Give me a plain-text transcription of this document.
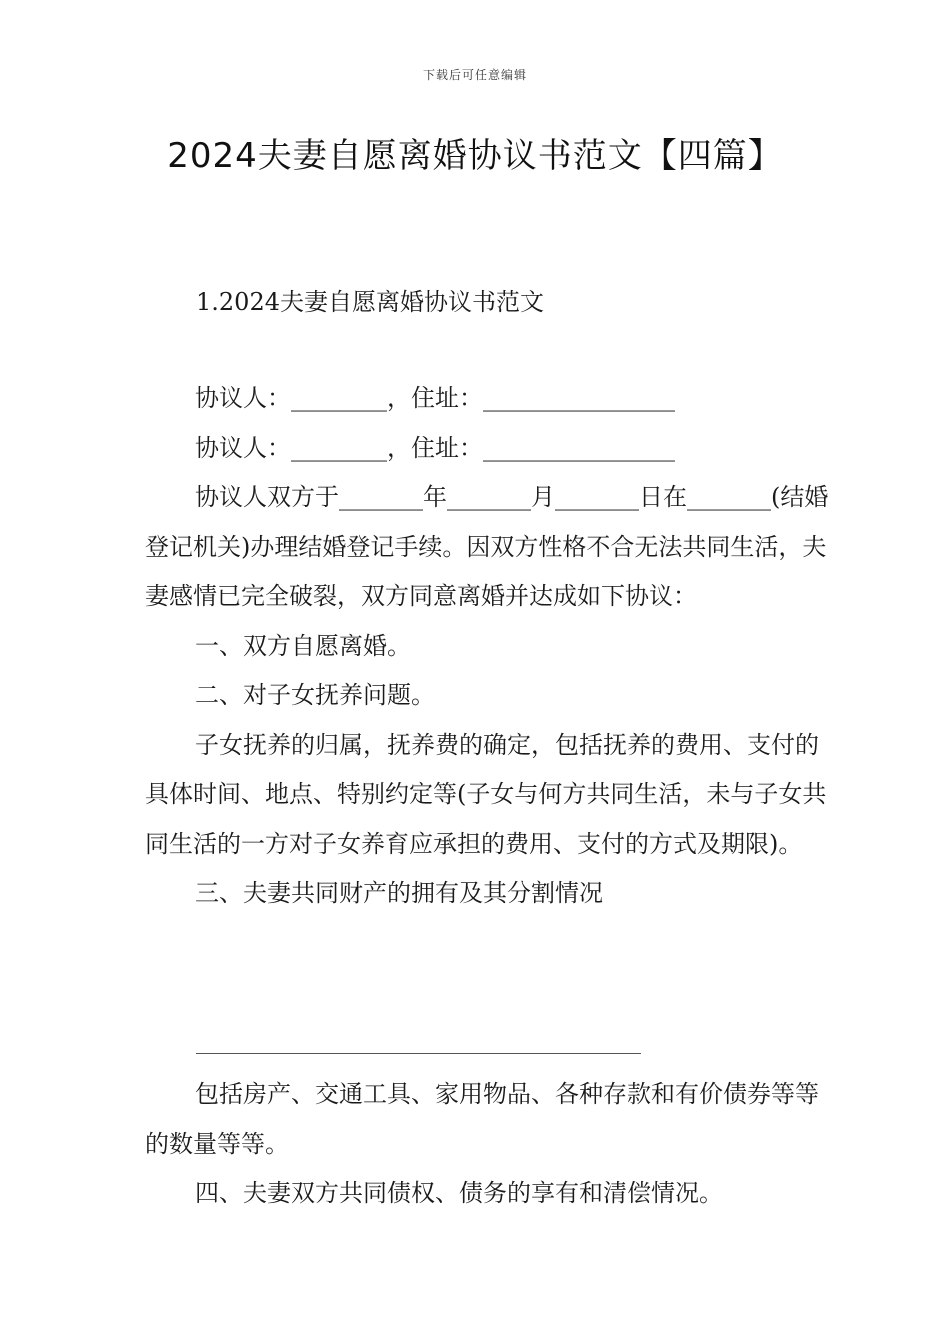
下载后可任意编辑
2024夫妻自愿离婚协议书范文【四篇】
1.2024夫妻自愿离婚协议书范文

协议人：________，住址：________________

协议人：________，住址：________________

协议人双方于_______年_______月_______日在_______(结婚登记机关)办理结婚登记手续。因双方性格不合无法共同生活，夫妻感情已完全破裂，双方同意离婚并达成如下协议：

一、双方自愿离婚。

二、对子女抚养问题。

子女抚养的归属，抚养费的确定，包括抚养的费用、支付的具体时间、地点、特别约定等(子女与何方共同生活，未与子女共同生活的一方对子女养育应承担的费用、支付的方式及期限)。

三、夫妻共同财产的拥有及其分割情况

包括房产、交通工具、家用物品、各种存款和有价债券等等的数量等等。

四、夫妻双方共同债权、债务的享有和清偿情况。
